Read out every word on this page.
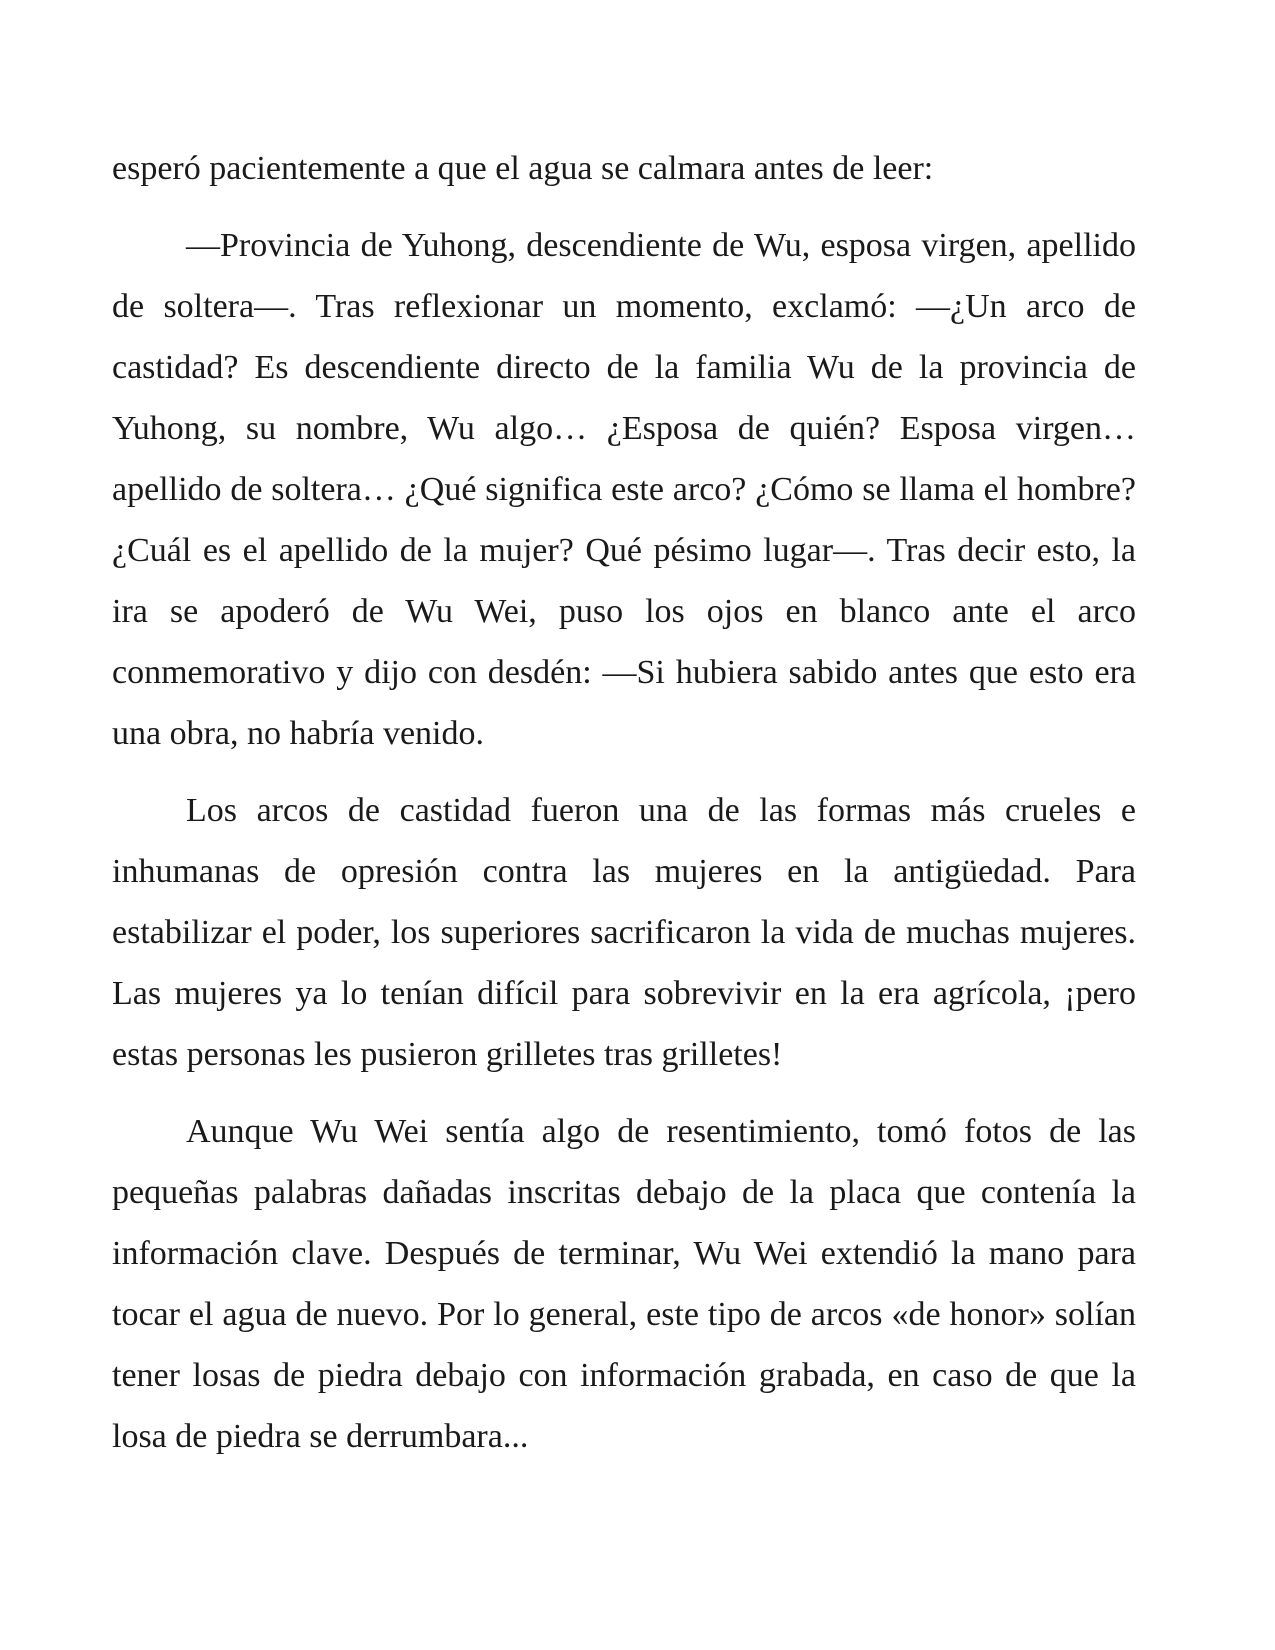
esperó pacientemente a que el agua se calmara antes de leer:

—Provincia de Yuhong, descendiente de Wu, esposa virgen, apellido de soltera—. Tras reflexionar un momento, exclamó: —¿Un arco de castidad? Es descendiente directo de la familia Wu de la provincia de Yuhong, su nombre, Wu algo… ¿Esposa de quién? Esposa virgen… apellido de soltera… ¿Qué significa este arco? ¿Cómo se llama el hombre? ¿Cuál es el apellido de la mujer? Qué pésimo lugar—. Tras decir esto, la ira se apoderó de Wu Wei, puso los ojos en blanco ante el arco conmemorativo y dijo con desdén: —Si hubiera sabido antes que esto era una obra, no habría venido.

Los arcos de castidad fueron una de las formas más crueles e inhumanas de opresión contra las mujeres en la antigüedad. Para estabilizar el poder, los superiores sacrificaron la vida de muchas mujeres. Las mujeres ya lo tenían difícil para sobrevivir en la era agrícola, ¡pero estas personas les pusieron grilletes tras grilletes!

Aunque Wu Wei sentía algo de resentimiento, tomó fotos de las pequeñas palabras dañadas inscritas debajo de la placa que contenía la información clave. Después de terminar, Wu Wei extendió la mano para tocar el agua de nuevo. Por lo general, este tipo de arcos «de honor» solían tener losas de piedra debajo con información grabada, en caso de que la losa de piedra se derrumbara...
